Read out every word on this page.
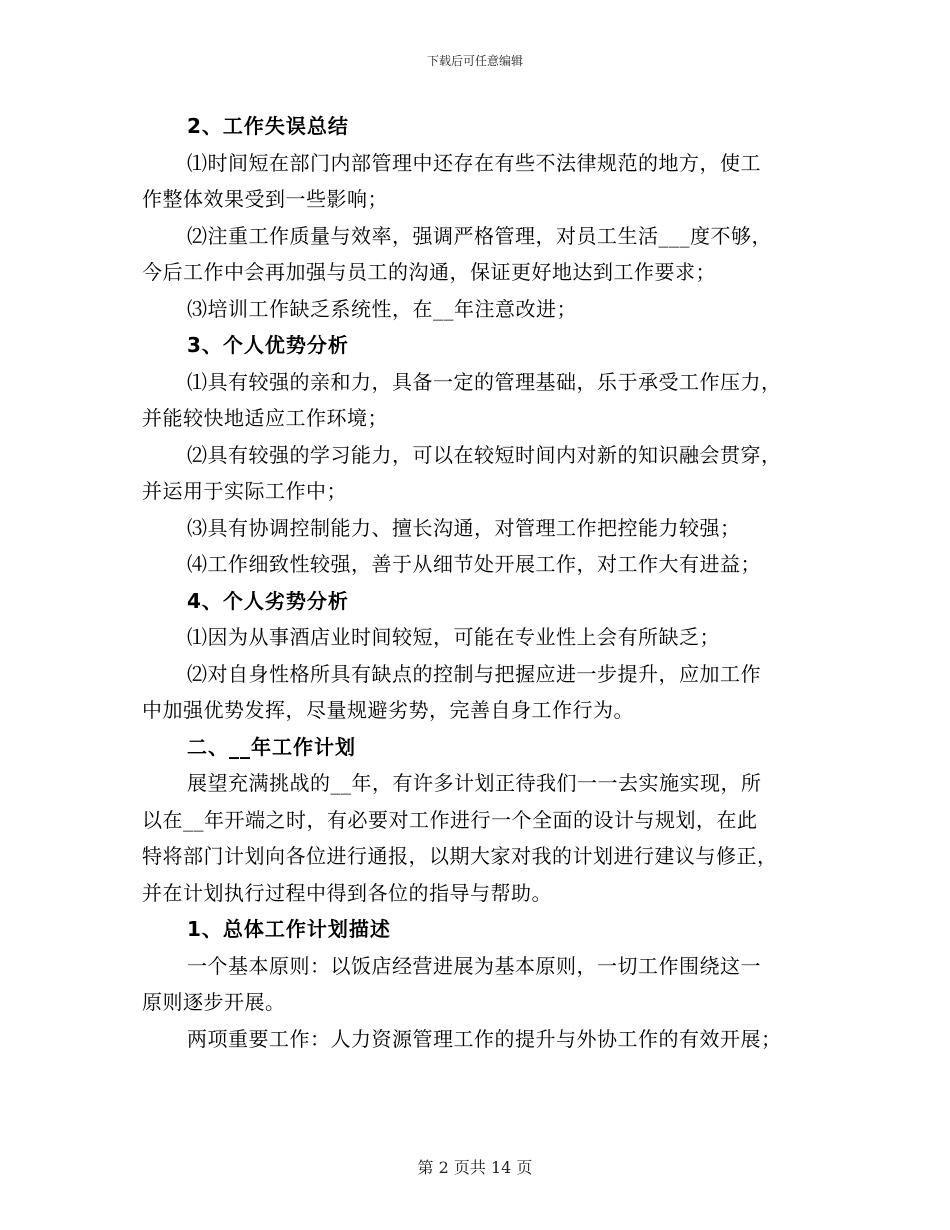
下载后可任意编辑
2、工作失误总结
⑴时间短在部门内部管理中还存在有些不法律规范的地方，使工
作整体效果受到一些影响；
⑵注重工作质量与效率，强调严格管理，对员工生活___度不够，
今后工作中会再加强与员工的沟通，保证更好地达到工作要求；
⑶培训工作缺乏系统性，在__年注意改进；
3、个人优势分析
⑴具有较强的亲和力，具备一定的管理基础，乐于承受工作压力，
并能较快地适应工作环境；
⑵具有较强的学习能力，可以在较短时间内对新的知识融会贯穿，
并运用于实际工作中；
⑶具有协调控制能力、擅长沟通，对管理工作把控能力较强；
⑷工作细致性较强，善于从细节处开展工作，对工作大有进益；
4、个人劣势分析
⑴因为从事酒店业时间较短，可能在专业性上会有所缺乏；
⑵对自身性格所具有缺点的控制与把握应进一步提升，应加工作
中加强优势发挥，尽量规避劣势，完善自身工作行为。
二、__年工作计划
展望充满挑战的__年，有许多计划正待我们一一去实施实现，所
以在__年开端之时，有必要对工作进行一个全面的设计与规划，在此
特将部门计划向各位进行通报，以期大家对我的计划进行建议与修正，
并在计划执行过程中得到各位的指导与帮助。
1、总体工作计划描述
一个基本原则：以饭店经营进展为基本原则，一切工作围绕这一
原则逐步开展。
两项重要工作：人力资源管理工作的提升与外协工作的有效开展；
第 2 页共 14 页
